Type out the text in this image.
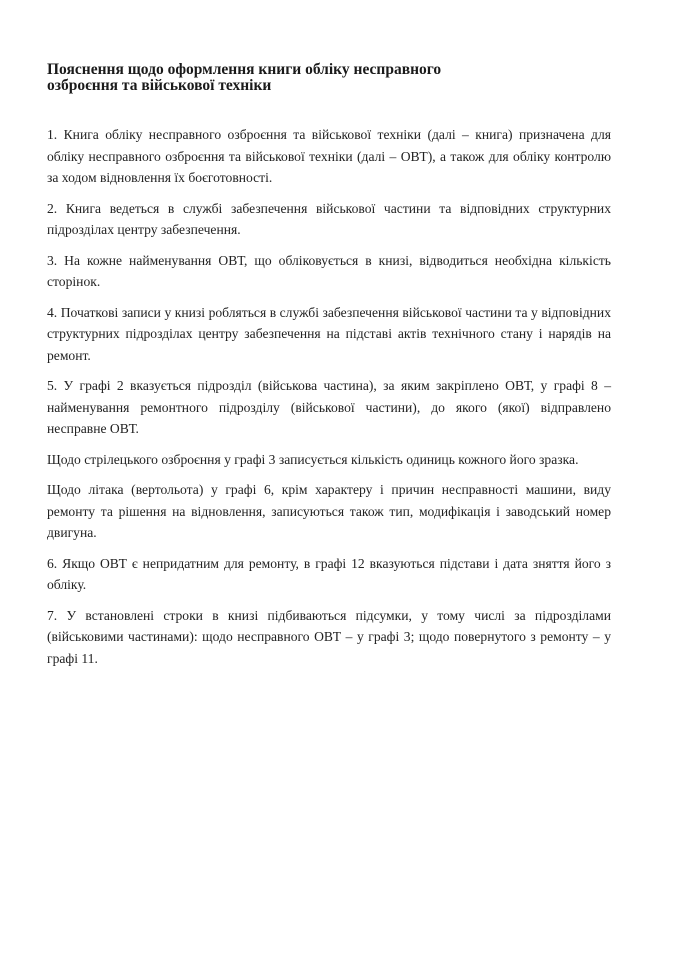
Пояснення щодо оформлення книги обліку несправного
озброєння та військової техніки

1. Книга обліку несправного озброєння та військової техніки (далі – книга) призначена для обліку несправного озброєння та військової техніки (далі – ОВТ), а також для обліку контролю за ходом відновлення їх боєготовності.

2. Книга ведеться в службі забезпечення військової частини та відповідних структурних підрозділах центру забезпечення.

3. На кожне найменування ОВТ, що обліковується в книзі, відводиться необхідна кількість сторінок.

4. Початкові записи у книзі робляться в службі забезпечення військової частини та у відповідних структурних підрозділах центру забезпечення на підставі актів технічного стану і нарядів на ремонт.

5. У графі 2 вказується підрозділ (військова частина), за яким закріплено ОВТ, у графі 8 – найменування ремонтного підрозділу (військової частини), до якого (якої) відправлено несправне ОВТ.

Щодо стрілецького озброєння у графі 3 записується кількість одиниць кожного його зразка.

Щодо літака (вертольота) у графі 6, крім характеру і причин несправності машини, виду ремонту та рішення на відновлення, записуються також тип, модифікація і заводський номер двигуна.

6. Якщо ОВТ є непридатним для ремонту, в графі 12 вказуються підстави і дата зняття його з обліку.

7. У встановлені строки в книзі підбиваються підсумки, у тому числі за підрозділами (військовими частинами): щодо несправного ОВТ – у графі 3; щодо повернутого з ремонту – у графі 11.
